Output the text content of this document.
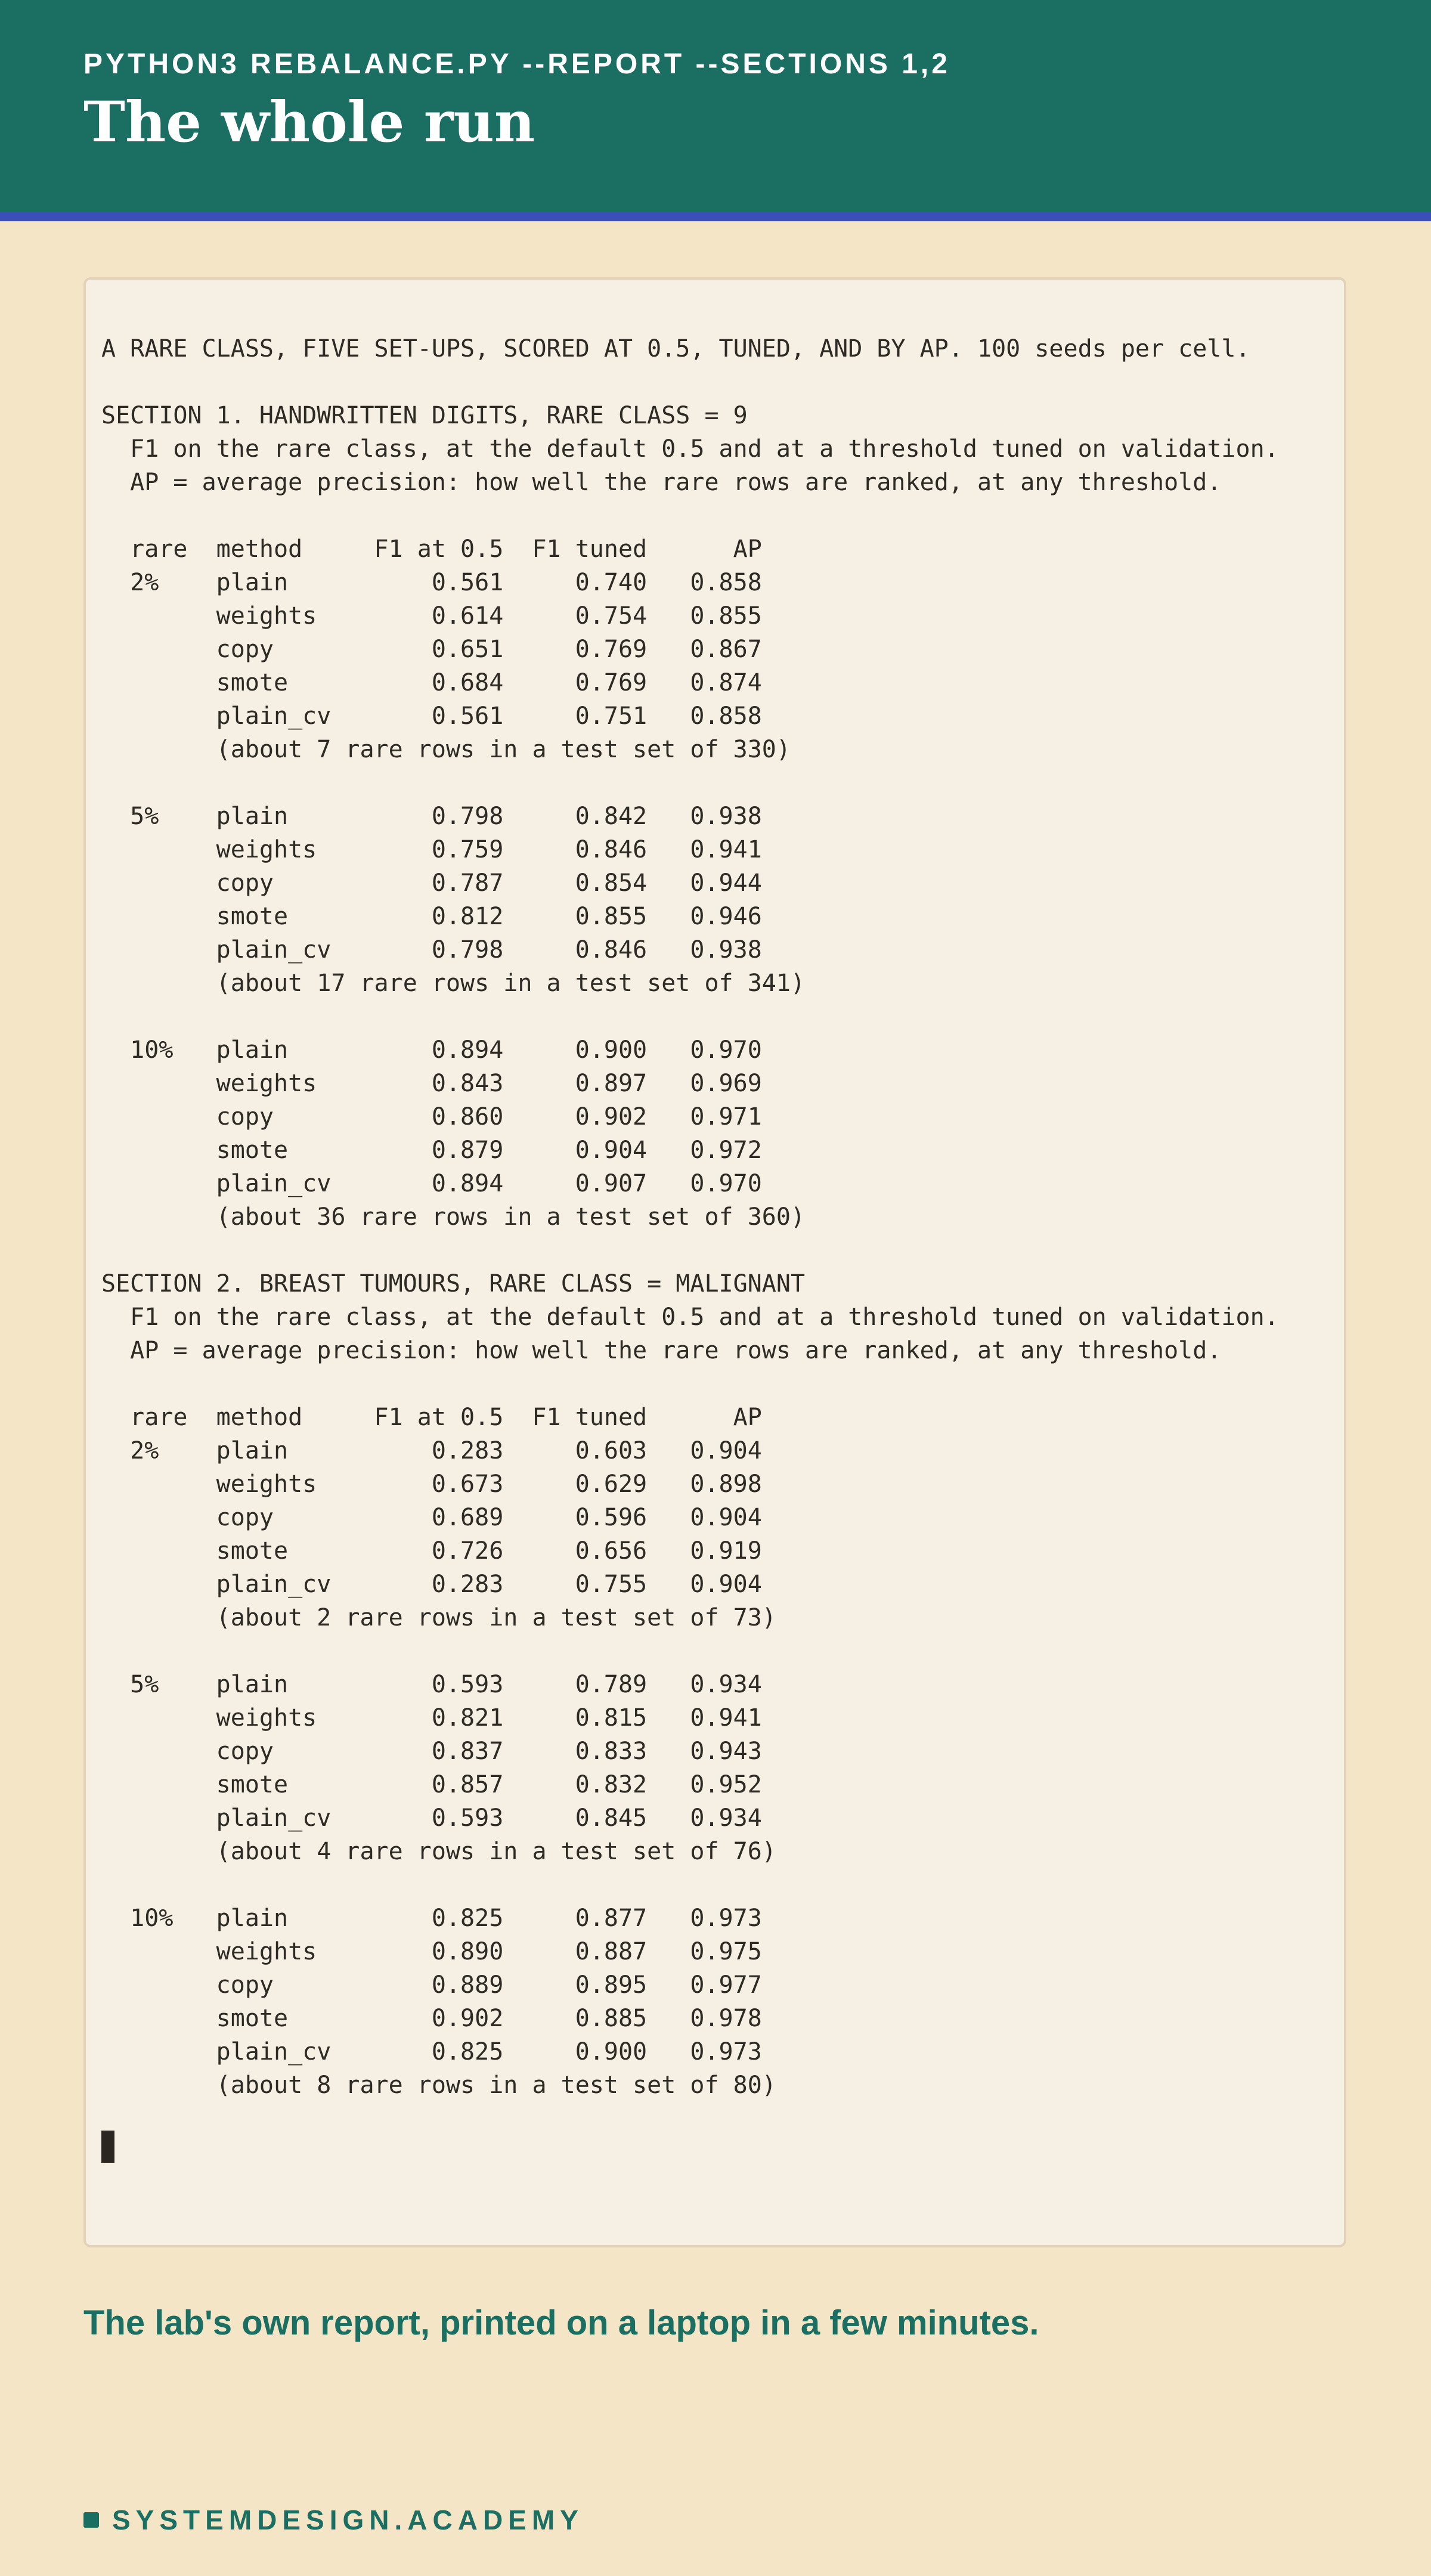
PYTHON3 REBALANCE.PY --REPORT --SECTIONS 1,2
The whole run
A RARE CLASS, FIVE SET-UPS, SCORED AT 0.5, TUNED, AND BY AP. 100 seeds per cell.
SECTION 1. HANDWRITTEN DIGITS, RARE CLASS = 9
F1 on the rare class, at the default 0.5 and at a threshold tuned on validation.
AP = average precision: how well the rare rows are ranked, at any threshold.
rare  method     F1 at 0.5  F1 tuned      AP
2%    plain          0.561     0.740   0.858
weights        0.614     0.754   0.855
copy           0.651     0.769   0.867
smote          0.684     0.769   0.874
plain_cv       0.561     0.751   0.858
(about 7 rare rows in a test set of 330)
5%    plain          0.798     0.842   0.938
weights        0.759     0.846   0.941
copy           0.787     0.854   0.944
smote          0.812     0.855   0.946
plain_cv       0.798     0.846   0.938
(about 17 rare rows in a test set of 341)
10%   plain          0.894     0.900   0.970
weights        0.843     0.897   0.969
copy           0.860     0.902   0.971
smote          0.879     0.904   0.972
plain_cv       0.894     0.907   0.970
(about 36 rare rows in a test set of 360)
SECTION 2. BREAST TUMOURS, RARE CLASS = MALIGNANT
F1 on the rare class, at the default 0.5 and at a threshold tuned on validation.
AP = average precision: how well the rare rows are ranked, at any threshold.
rare  method     F1 at 0.5  F1 tuned      AP
2%    plain          0.283     0.603   0.904
weights        0.673     0.629   0.898
copy           0.689     0.596   0.904
smote          0.726     0.656   0.919
plain_cv       0.283     0.755   0.904
(about 2 rare rows in a test set of 73)
5%    plain          0.593     0.789   0.934
weights        0.821     0.815   0.941
copy           0.837     0.833   0.943
smote          0.857     0.832   0.952
plain_cv       0.593     0.845   0.934
(about 4 rare rows in a test set of 76)
10%   plain          0.825     0.877   0.973
weights        0.890     0.887   0.975
copy           0.889     0.895   0.977
smote          0.902     0.885   0.978
plain_cv       0.825     0.900   0.973
(about 8 rare rows in a test set of 80)
The lab's own report, printed on a laptop in a few minutes.
SYSTEMDESIGN.ACADEMY
